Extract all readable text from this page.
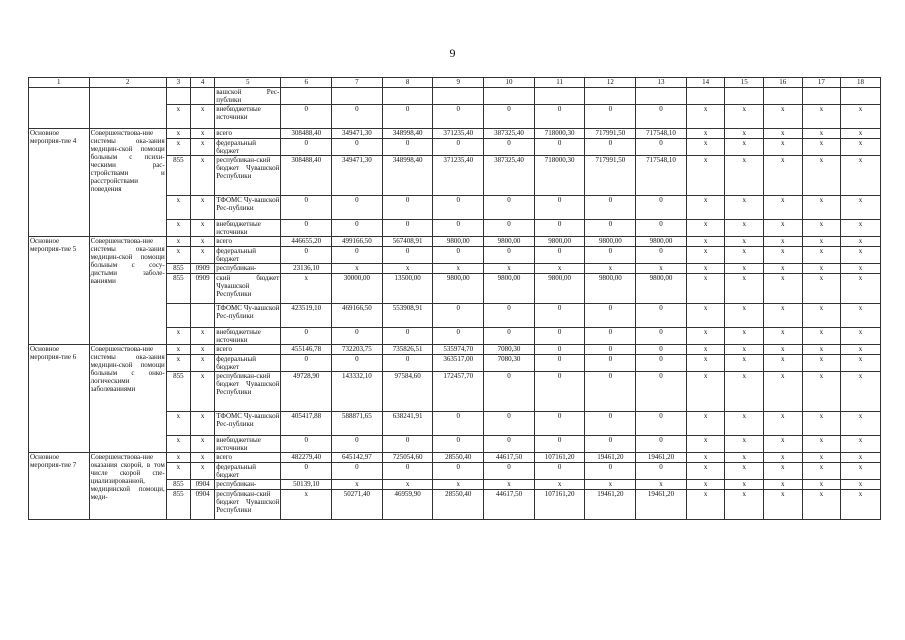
9
1	2	3	4	5	6	7	8	9	10	11	12	13	14	15	16	17	18
				вашской Рес-публики													
		х	х	внебюджетные источники	0	0	0	0	0	0	0	0	х	х	х	х	х
Основное мероприя-тие 4	Совершенствова-ние системы ока-зания медицин-ской помощи больным с психи-ческими рас-стройствами и расстройствами поведения	х	х	всего	308488,40	349471,30	348998,40	371235,40	387325,40	718000,30	717991,50	717548,10	х	х	х	х	х
		х	х	федеральный бюджет	0	0	0	0	0	0	0	0	х	х	х	х	х
		855	х	республикан-ский бюджет Чувашской Республики	308488,40	349471,30	348998,40	371235,40	387325,40	718000,30	717991,50	717548,10	х	х	х	х	х
		х	х	ТФОМС Чу-вашской Рес-публики	0	0	0	0	0	0	0	0	х	х	х	х	х
		х	х	внебюджетные источники	0	0	0	0	0	0	0	0	х	х	х	х	х
Основное мероприя-тие 5	Совершенствова-ние системы ока-зания медицин-ской помощи больным с сосу-дистыми заболе-ваниями	х	х	всего	446655,20	499166,50	567408,91	9800,00	9800,00	9800,00	9800,00	9800,00	х	х	х	х	х
		х	х	федеральный бюджет	0	0	0	0	0	0	0	0	х	х	х	х	х
		855	0909	республикан-	23136,10	х	х	х	х	х	х	х	х	х	х	х	х
		855	0909	ский бюджет Чувашской Республики	х	30000,00	13500,00	9800,00	9800,00	9800,00	9800,00	9800,00	х	х	х	х	х
				ТФОМС Чу-вашской Рес-публики	423519,10	469166,50	553908,91	0	0	0	0	0	х	х	х	х	х
		х	х	внебюджетные источники	0	0	0	0	0	0	0	0	х	х	х	х	х
Основное мероприя-тие 6	Совершенствова-ние системы ока-зания медицин-ской помощи больным с онко-логическими заболеваниями	х	х	всего	455146,78	732203,75	735826,51	535974,70	7080,30	0	0	0	х	х	х	х	х
		х	х	федеральный бюджет	0	0	0	363517,00	7080,30	0	0	0	х	х	х	х	х
		855	х	республикан-ский бюджет Чувашской Республики	49728,90	143332,10	97584,60	172457,70	0	0	0	0	х	х	х	х	х
		х	х	ТФОМС Чу-вашской Рес-публики	405417,88	588871,65	638241,91	0	0	0	0	0	х	х	х	х	х
		х	х	внебюджетные источники	0	0	0	0	0	0	0	0	х	х	х	х	х
Основное мероприя-тие 7	Совершенствова-ние оказания скорой, в том числе скорой спе-циализированной, медицинской помощи, меди-	х	х	всего	482279,40	645142,97	725054,60	28550,40	44617,50	107161,20	19461,20	19461,20	х	х	х	х	х
		х	х	федеральный бюджет	0	0	0	0	0	0	0	0	х	х	х	х	х
		855	0904	республикан-	50139,10	х	х	х	х	х	х	х	х	х	х	х	х
		855	0904	республикан-ский бюджет Чувашской Республики	х	50271,40	46959,90	28550,40	44617,50	107161,20	19461,20	19461,20	х	х	х	х	х
